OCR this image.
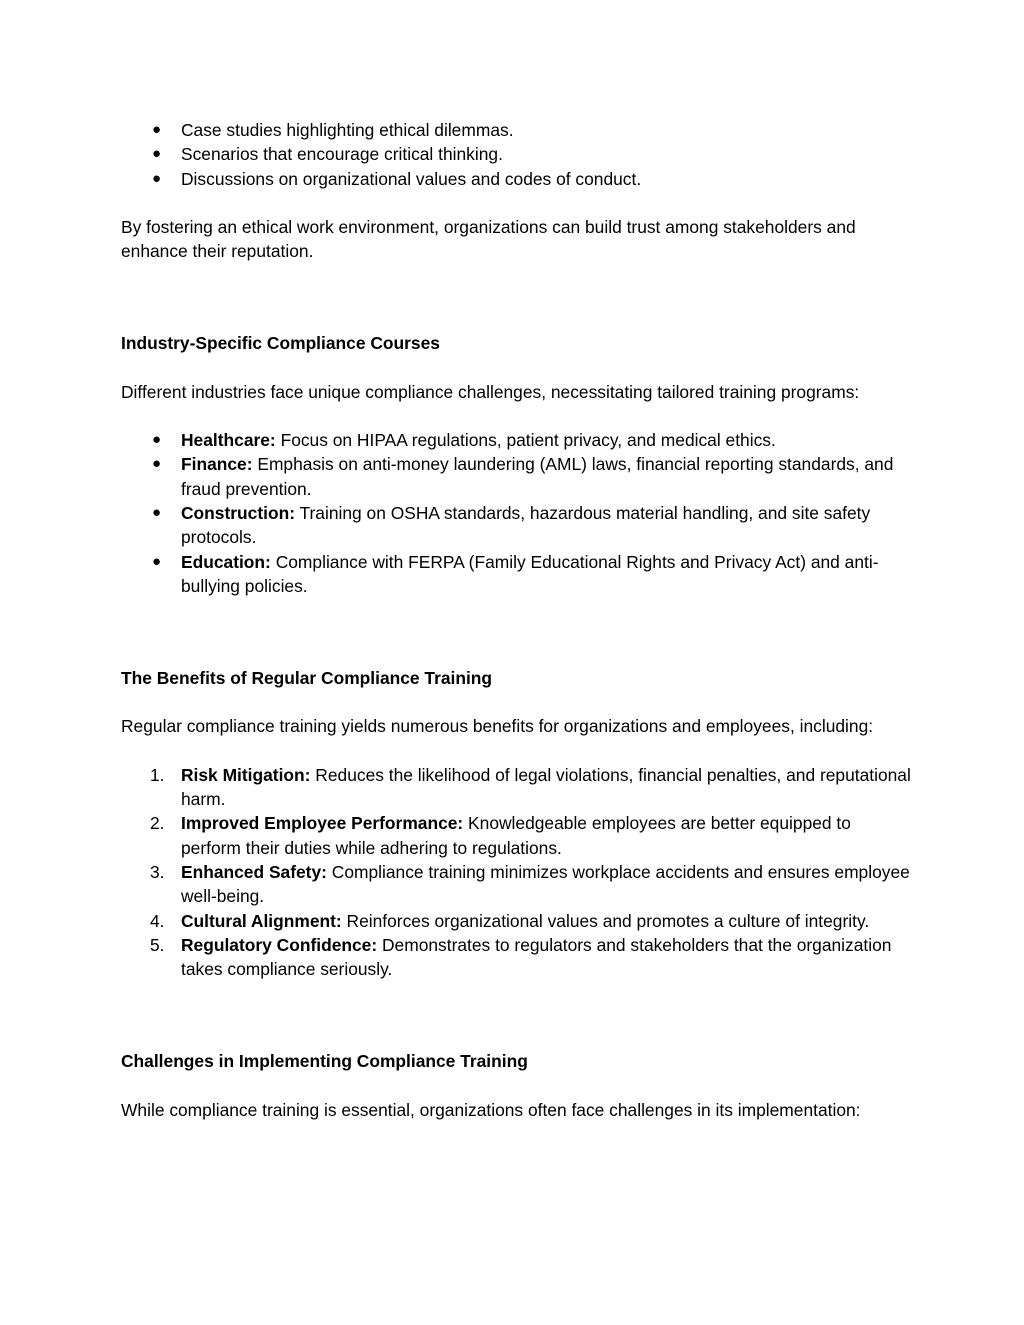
● Case studies highlighting ethical dilemmas.
● Scenarios that encourage critical thinking.
● Discussions on organizational values and codes of conduct.

By fostering an ethical work environment, organizations can build trust among stakeholders and enhance their reputation.

Industry-Specific Compliance Courses

Different industries face unique compliance challenges, necessitating tailored training programs:

● Healthcare: Focus on HIPAA regulations, patient privacy, and medical ethics.
● Finance: Emphasis on anti-money laundering (AML) laws, financial reporting standards, and fraud prevention.
● Construction: Training on OSHA standards, hazardous material handling, and site safety protocols.
● Education: Compliance with FERPA (Family Educational Rights and Privacy Act) and anti-bullying policies.

The Benefits of Regular Compliance Training

Regular compliance training yields numerous benefits for organizations and employees, including:

1. Risk Mitigation: Reduces the likelihood of legal violations, financial penalties, and reputational harm.
2. Improved Employee Performance: Knowledgeable employees are better equipped to perform their duties while adhering to regulations.
3. Enhanced Safety: Compliance training minimizes workplace accidents and ensures employee well-being.
4. Cultural Alignment: Reinforces organizational values and promotes a culture of integrity.
5. Regulatory Confidence: Demonstrates to regulators and stakeholders that the organization takes compliance seriously.

Challenges in Implementing Compliance Training

While compliance training is essential, organizations often face challenges in its implementation:
